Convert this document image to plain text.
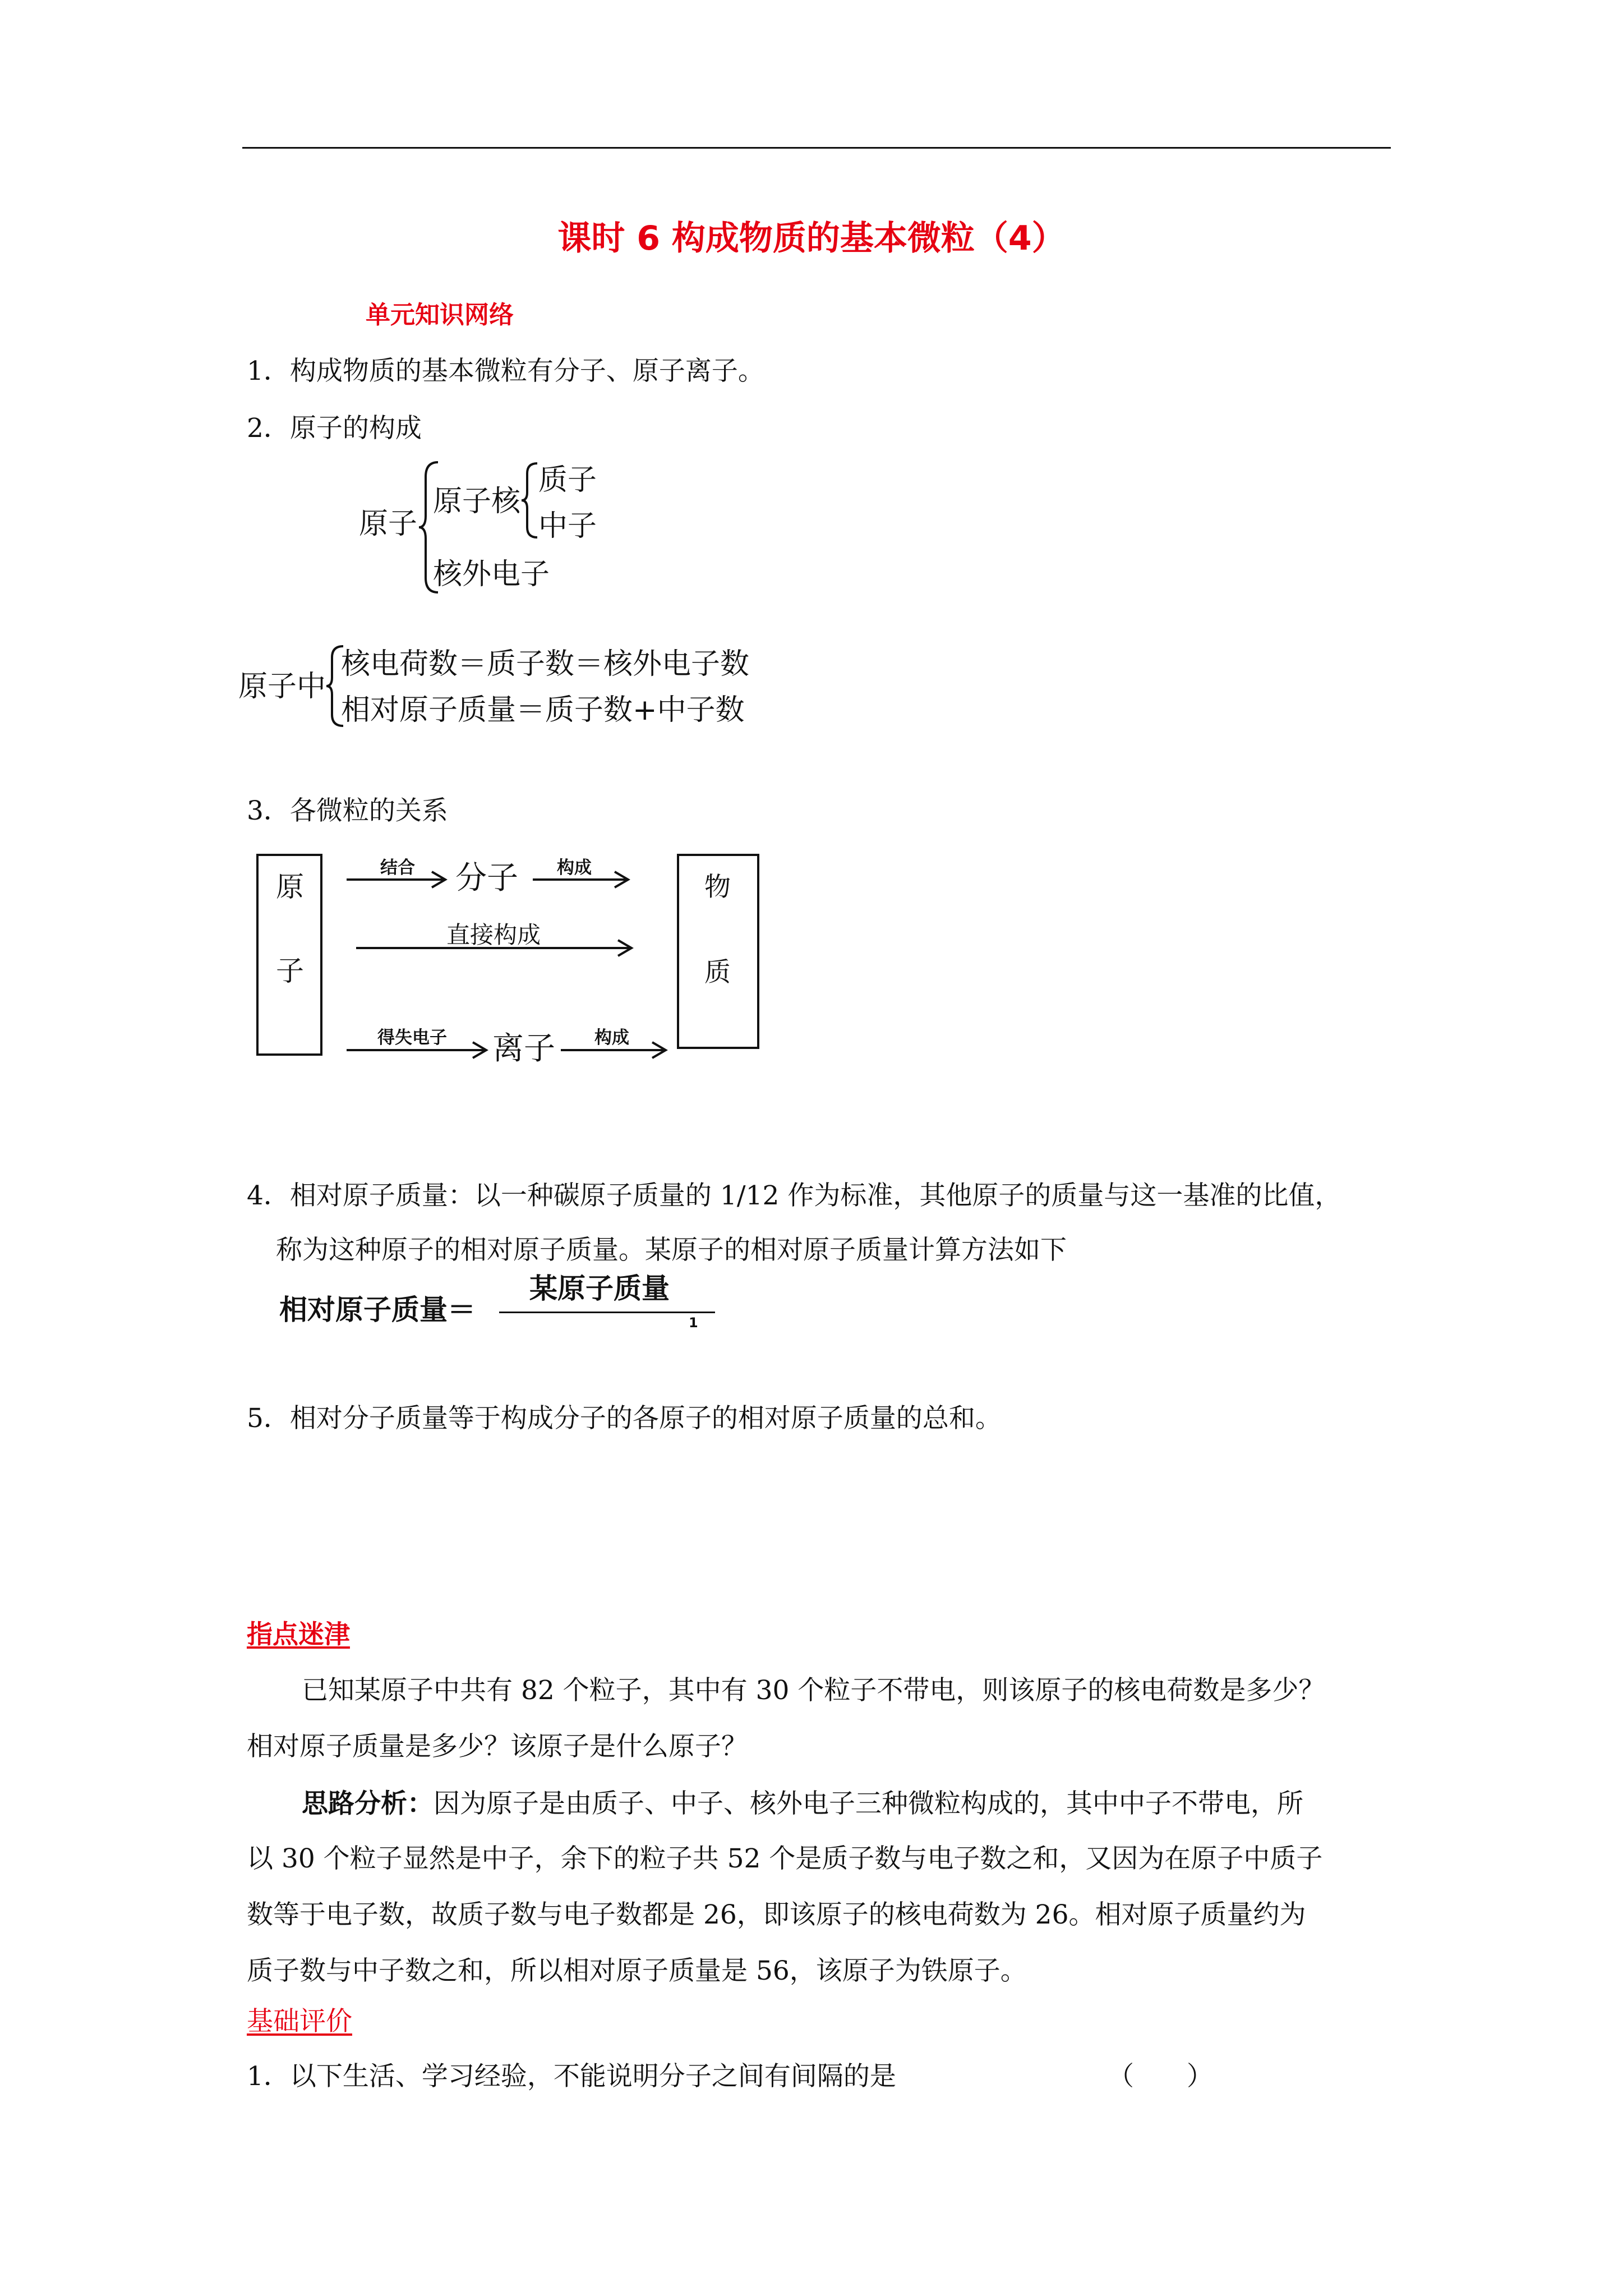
课时 6 构成物质的基本微粒（4）
单元知识网络
1．构成物质的基本微粒有分子、原子离子。
2．原子的构成
原子
原子核
质子
中子
核外电子
原子中
核电荷数＝质子数＝核外电子数
相对原子质量＝质子数+中子数
3．各微粒的关系
原
子
物
质
结合 分子 构成
直接构成
得失电子 离子 构成
4．相对原子质量：以一种碳原子质量的 1/12 作为标准，其他原子的质量与这一基准的比值，
称为这种原子的相对原子质量。某原子的相对原子质量计算方法如下
相对原子质量＝
某原子质量
1
5．相对分子质量等于构成分子的各原子的相对原子质量的总和。
指点迷津
已知某原子中共有 82 个粒子，其中有 30 个粒子不带电，则该原子的核电荷数是多少？
相对原子质量是多少？该原子是什么原子？
思路分析：因为原子是由质子、中子、核外电子三种微粒构成的，其中中子不带电，所
以 30 个粒子显然是中子，余下的粒子共 52 个是质子数与电子数之和，又因为在原子中质子
数等于电子数，故质子数与电子数都是 26，即该原子的核电荷数为 26。相对原子质量约为
质子数与中子数之和，所以相对原子质量是 56，该原子为铁原子。
基础评价
1．以下生活、学习经验，不能说明分子之间有间隔的是	（　　）
